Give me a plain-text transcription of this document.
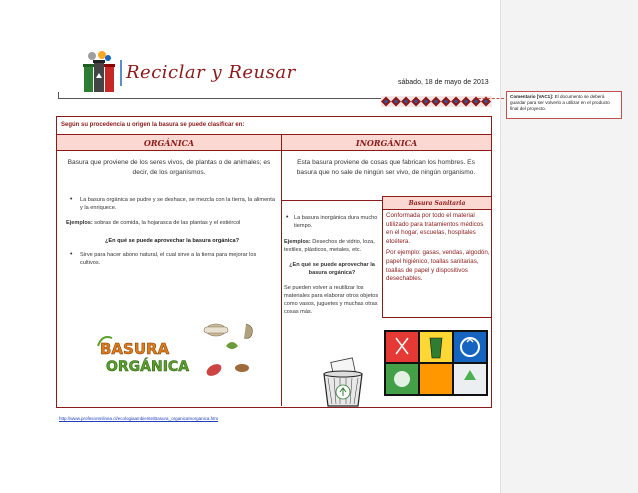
Reciclar y Reusar	sábado, 18 de mayo de 2013
Según su procedencia u origen la basura se puede clasificar en:
ORGÁNICA	INORGÁNICA
Basura que proviene de los seres vivos, de plantas o de animales; es decir, de los organismos.
Esta basura proviene de cosas que fabrican los hombres. Es basura que no sale de ningún ser vivo, de ningún organismo.
• La basura orgánica se pudre y se deshace, se mezcla con la tierra, la alimenta y la enriquece.
Ejemplos: sobras de comida, la hojarasca de las plantas y el estiércol
¿En qué se puede aprovechar la basura orgánica?
• Sirve para hacer abono natural, el cual sirve a la tierra para mejorar los cultivos.
BASURA
ORGÁNICA
http://www.profesorenlinea.cl/ecologiaambiente/Basura_organicaInorganica.htm
• La basura inorgánica dura mucho tiempo.
Ejemplos: Desechos de vidrio, loza, textiles, plásticos, metales, etc.
¿En qué se puede aprovechar la basura orgánica?
Se pueden volver a reutilizar los materiales para elaborar otros objetos como vasos, juguetes y muchas otras cosas más.
Basura Sanitaria

Conformada por todo el material utilizado para tratamientos médicos en el hogar, escuelas, hospitales etcétera.

Por ejemplo: gasas, vendas, algodón, papel higiénico, toallas sanitarias, toallas de papel y dispositivos desechables.

Comentario [VAC1]: El documento se deberá guardar para ser volverlo a utilizar en el producto final del proyecto.
